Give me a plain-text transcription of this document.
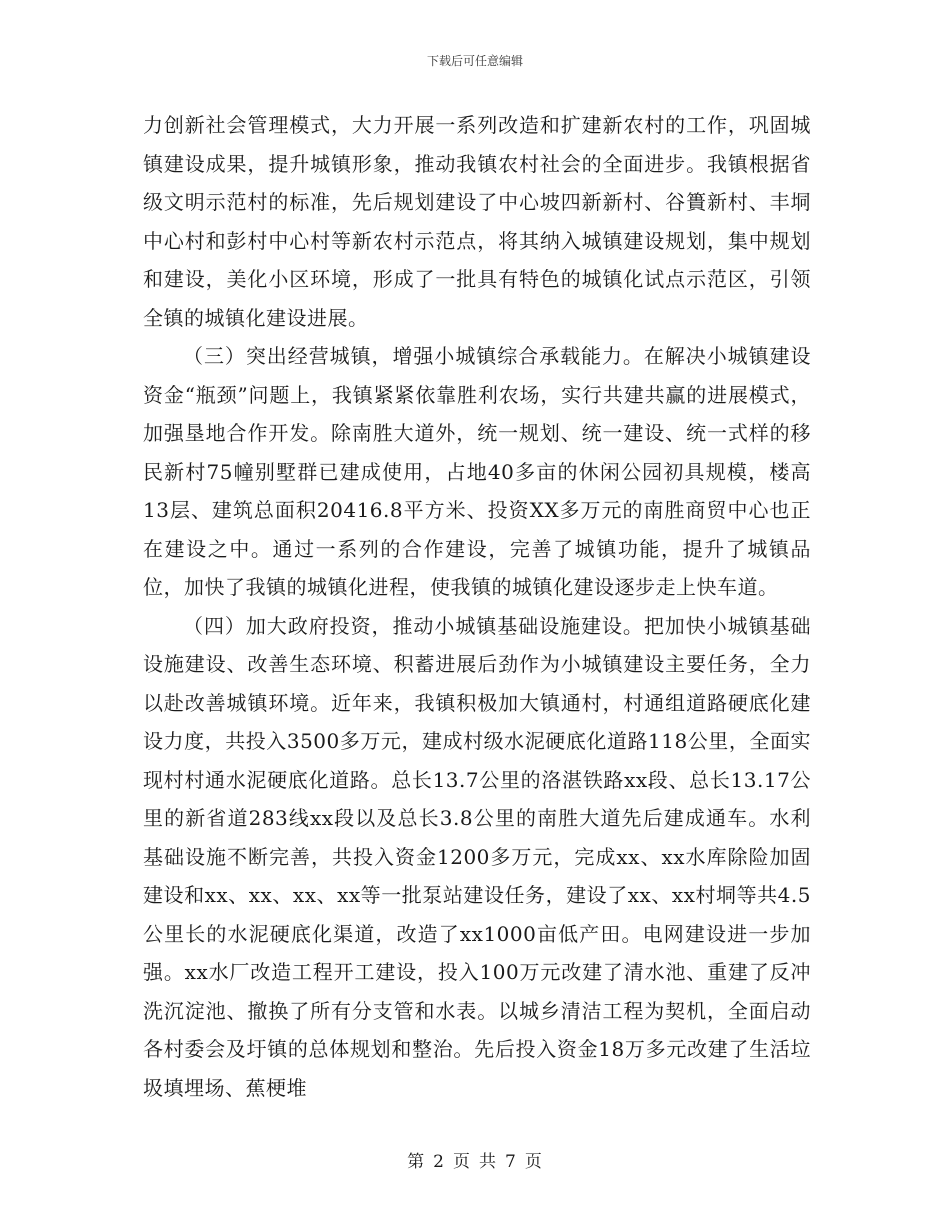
下载后可任意编辑

力创新社会管理模式，大力开展一系列改造和扩建新农村的工作，巩固城镇建设成果，提升城镇形象，推动我镇农村社会的全面进步。我镇根据省级文明示范村的标准，先后规划建设了中心坡四新新村、谷簣新村、丰垌中心村和彭村中心村等新农村示范点，将其纳入城镇建设规划，集中规划和建设，美化小区环境，形成了一批具有特色的城镇化试点示范区，引领全镇的城镇化建设进展。

（三）突出经营城镇，增强小城镇综合承载能力。在解决小城镇建设资金“瓶颈”问题上，我镇紧紧依靠胜利农场，实行共建共赢的进展模式，加强垦地合作开发。除南胜大道外，统一规划、统一建设、统一式样的移民新村75幢别墅群已建成使用，占地40多亩的休闲公园初具规模，楼高13层、建筑总面积20416.8平方米、投资XX多万元的南胜商贸中心也正在建设之中。通过一系列的合作建设，完善了城镇功能，提升了城镇品位，加快了我镇的城镇化进程，使我镇的城镇化建设逐步走上快车道。

（四）加大政府投资，推动小城镇基础设施建设。把加快小城镇基础设施建设、改善生态环境、积蓄进展后劲作为小城镇建设主要任务，全力以赴改善城镇环境。近年来，我镇积极加大镇通村，村通组道路硬底化建设力度，共投入3500多万元，建成村级水泥硬底化道路118公里，全面实现村村通水泥硬底化道路。总长13.7公里的洛湛铁路xx段、总长13.17公里的新省道283线xx段以及总长3.8公里的南胜大道先后建成通车。水利基础设施不断完善，共投入资金1200多万元，完成xx、xx水库除险加固建设和xx、xx、xx、xx等一批泵站建设任务，建设了xx、xx村垌等共4.5公里长的水泥硬底化渠道，改造了xx1000亩低产田。电网建设进一步加强。xx水厂改造工程开工建设，投入100万元改建了清水池、重建了反冲洗沉淀池、撤换了所有分支管和水表。以城乡清洁工程为契机，全面启动各村委会及圩镇的总体规划和整治。先后投入资金18万多元改建了生活垃圾填埋场、蕉梗堆

第 2 页 共 7 页
